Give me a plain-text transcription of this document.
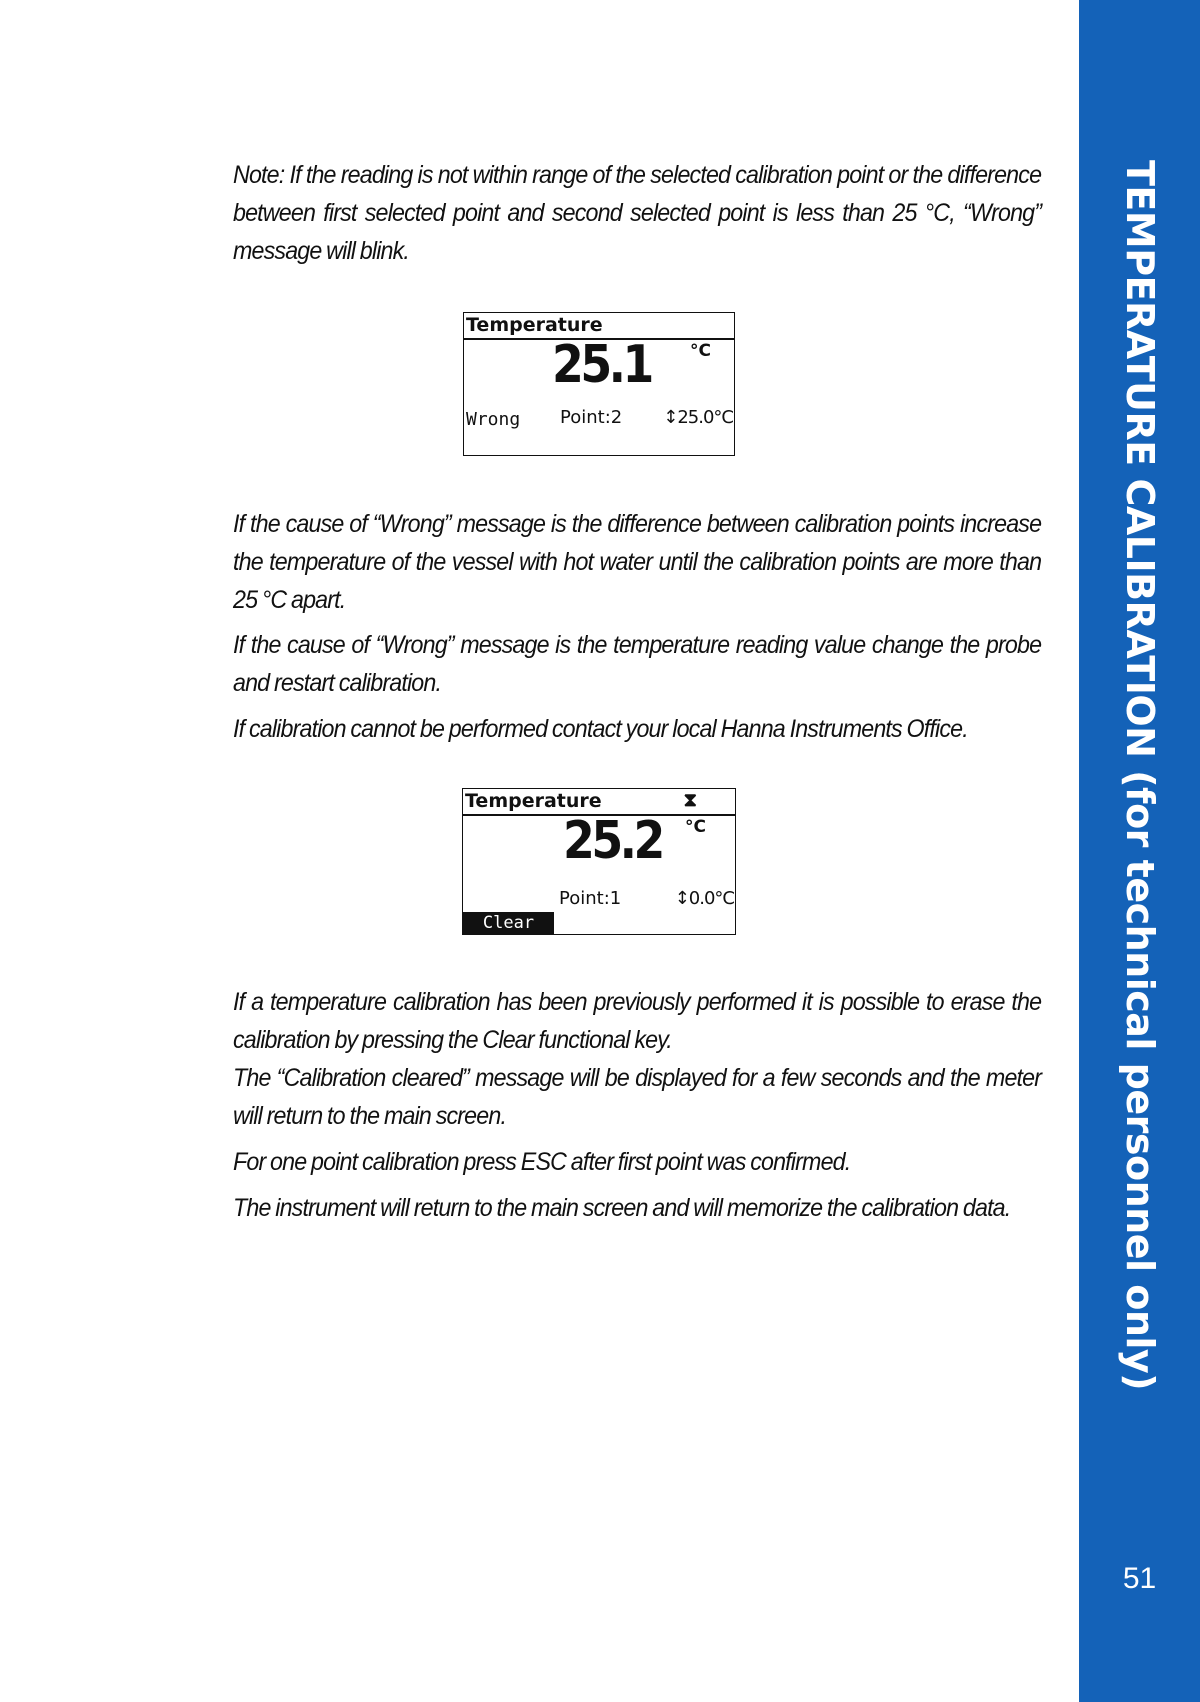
TEMPERATURE CALIBRATION (for technical personnel only)
51

Note: If the reading is not within range of the selected calibration point or the difference between first selected point and second selected point is less than 25 °C, “Wrong” message will blink.

Temperature
25.1 °C
Wrong Point:2 ↕25.0°C

If the cause of “Wrong” message is the difference between calibration points increase the temperature of the vessel with hot water until the calibration points are more than 25 °C apart.

If the cause of “Wrong” message is the temperature reading value change the probe and restart calibration.

If calibration cannot be performed contact your local Hanna Instruments Office.

Temperature	⧗
25.2 °C
Point:1	↕0.0°C
Clear

If a temperature calibration has been previously performed it is possible to erase the calibration by pressing the Clear functional key.

The “Calibration cleared” message will be displayed for a few seconds and the meter will return to the main screen.

For one point calibration press ESC after first point was confirmed.

The instrument will return to the main screen and will memorize the calibration data.
